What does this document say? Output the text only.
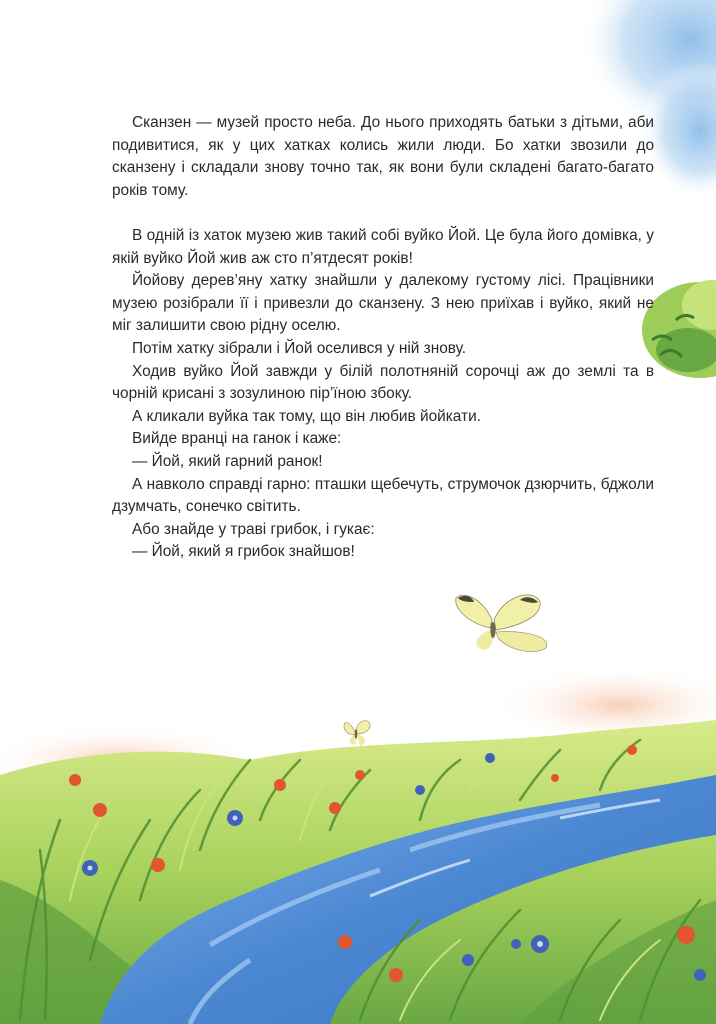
Сканзен — музей просто неба. До нього приходять батьки з дітьми, аби подивитися, як у цих хатках колись жили люди. Бо хатки звозили до сканзену і складали знову точно так, як вони були складені багато-багато років тому.

В одній із хаток музею жив такий собі вуйко Йой. Це була його домівка, у якій вуйко Йой жив аж сто п’ятдесят років!

Йойову дерев’яну хатку знайшли у далекому густому лісі. Працівники музею розібрали її і привезли до сканзену. З нею приїхав і вуйко, який не міг залишити свою рідну оселю.

Потім хатку зібрали і Йой оселився у ній знову.

Ходив вуйко Йой завжди у білій полотняній сорочці аж до землі та в чорній крисані з зозулиною пір’їною збоку.

А кликали вуйка так тому, що він любив йойкати.

Вийде вранці на ганок і каже:

— Йой, який гарний ранок!

А навколо справді гарно: пташки щебечуть, струмочок дзюрчить, бджоли дзумчать, сонечко світить.

Або знайде у траві грибок, і гукає:

— Йой, який я грибок знайшов!
